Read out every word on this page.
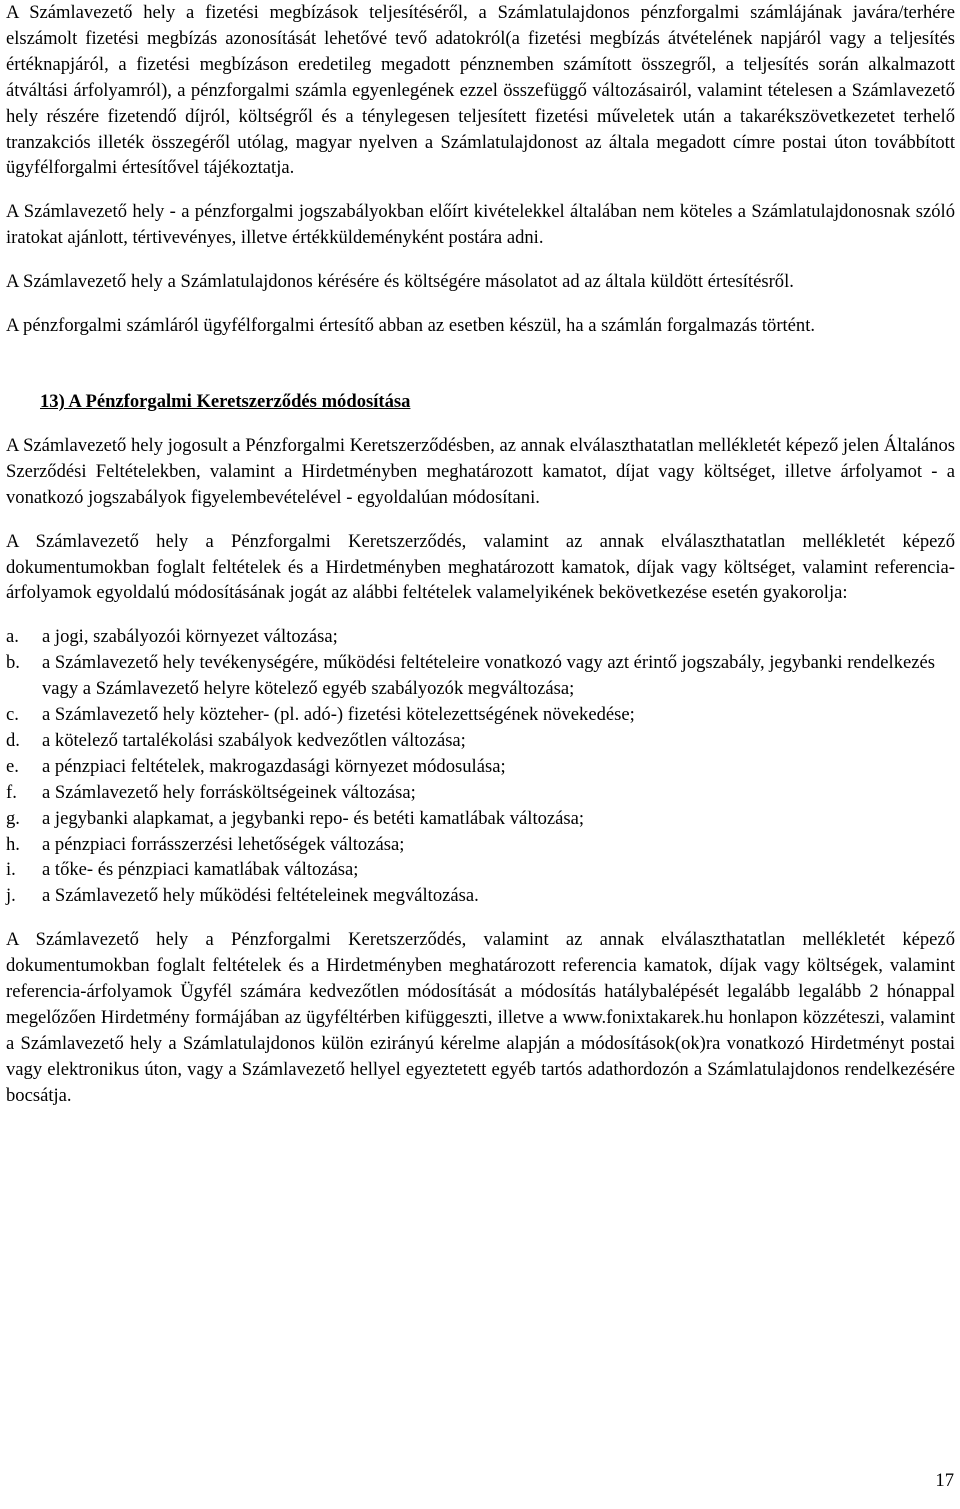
A Számlavezető hely a fizetési megbízások teljesítéséről, a Számlatulajdonos pénzforgalmi számlájának javára/terhére elszámolt fizetési megbízás azonosítását lehetővé tevő adatokról(a fizetési megbízás átvételének napjáról vagy a teljesítés értéknapjáról, a fizetési megbízáson eredetileg megadott pénznemben számított összegről, a teljesítés során alkalmazott átváltási árfolyamról), a pénzforgalmi számla egyenlegének ezzel összefüggő változásairól, valamint tételesen a Számlavezető hely részére fizetendő díjról, költségről és a ténylegesen teljesített fizetési műveletek után a takarékszövetkezetet terhelő tranzakciós illeték összegéről utólag, magyar nyelven a Számlatulajdonost az általa megadott címre postai úton továbbított ügyfélforgalmi értesítővel tájékoztatja.

A Számlavezető hely - a pénzforgalmi jogszabályokban előírt kivételekkel általában nem köteles a Számlatulajdonosnak szóló iratokat ajánlott, tértivevényes, illetve értékküldeményként postára adni.

A Számlavezető hely a Számlatulajdonos kérésére és költségére másolatot ad az általa küldött értesítésről.

A pénzforgalmi számláról ügyfélforgalmi értesítő abban az esetben készül, ha a számlán forgalmazás történt.

13) A Pénzforgalmi Keretszerződés módosítása

A Számlavezető hely jogosult a Pénzforgalmi Keretszerződésben, az annak elválaszthatatlan mellékletét képező jelen Általános Szerződési Feltételekben, valamint a Hirdetményben meghatározott kamatot, díjat vagy költséget, illetve árfolyamot - a vonatkozó jogszabályok figyelembevételével - egyoldalúan módosítani.

A Számlavezető hely a Pénzforgalmi Keretszerződés, valamint az annak elválaszthatatlan mellékletét képező dokumentumokban foglalt feltételek és a Hirdetményben meghatározott kamatok, díjak vagy költséget, valamint referencia-árfolyamok egyoldalú módosításának jogát az alábbi feltételek valamelyikének bekövetkezése esetén gyakorolja:

a. a jogi, szabályozói környezet változása;
b. a Számlavezető hely tevékenységére, működési feltételeire vonatkozó vagy azt érintő jogszabály, jegybanki rendelkezés vagy a Számlavezető helyre kötelező egyéb szabályozók megváltozása;
c. a Számlavezető hely közteher- (pl. adó-) fizetési kötelezettségének növekedése;
d. a kötelező tartalékolási szabályok kedvezőtlen változása;
e. a pénzpiaci feltételek, makrogazdasági környezet módosulása;
f. a Számlavezető hely forrásköltségeinek változása;
g. a jegybanki alapkamat, a jegybanki repo- és betéti kamatlábak változása;
h. a pénzpiaci forrásszerzési lehetőségek változása;
i. a tőke- és pénzpiaci kamatlábak változása;
j. a Számlavezető hely működési feltételeinek megváltozása.

A Számlavezető hely a Pénzforgalmi Keretszerződés, valamint az annak elválaszthatatlan mellékletét képező dokumentumokban foglalt feltételek és a Hirdetményben meghatározott referencia kamatok, díjak vagy költségek, valamint referencia-árfolyamok Ügyfél számára kedvezőtlen módosítását a módosítás hatálybalépését legalább legalább 2 hónappal megelőzően Hirdetmény formájában az ügyféltérben kifüggeszti, illetve a www.fonixtakarek.hu honlapon közzéteszi, valamint a Számlavezető hely a Számlatulajdonos külön ezirányú kérelme alapján a módosítások(ok)ra vonatkozó Hirdetményt postai vagy elektronikus úton, vagy a Számlavezető hellyel egyeztetett egyéb tartós adathordozón a Számlatulajdonos rendelkezésére bocsátja.

17
